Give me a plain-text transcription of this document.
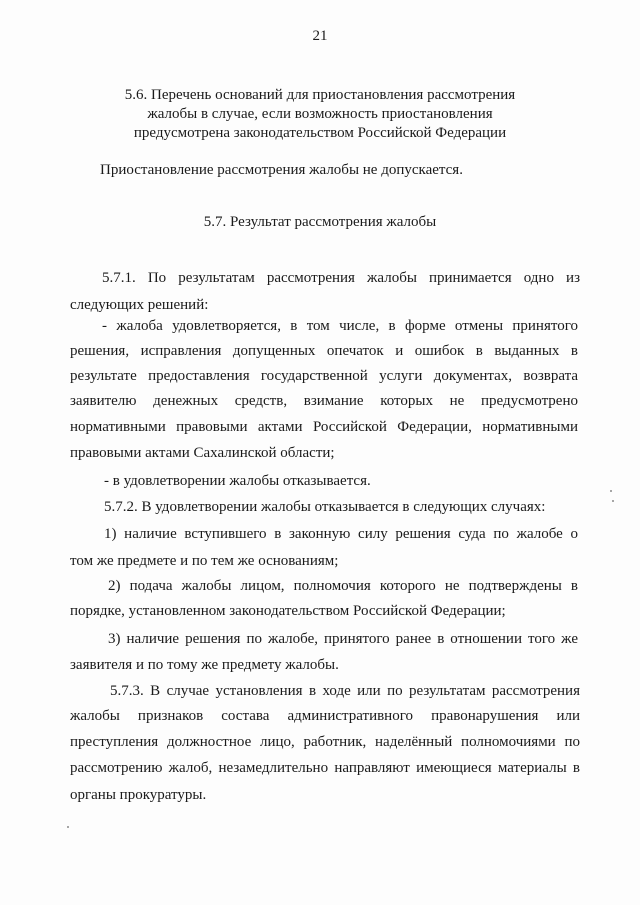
21
5.6. Перечень оснований для приостановления рассмотрения
жалобы в случае, если возможность приостановления
предусмотрена законодательством Российской Федерации
Приостановление рассмотрения жалобы не допускается.
5.7. Результат рассмотрения жалобы
5.7.1. По результатам рассмотрения жалобы принимается одно из
следующих решений:
- жалоба удовлетворяется, в том числе, в форме отмены принятого
решения, исправления допущенных опечаток и ошибок в выданных в
результате предоставления государственной услуги документах, возврата
заявителю денежных средств, взимание которых не предусмотрено
нормативными правовыми актами Российской Федерации, нормативными
правовыми актами Сахалинской области;
- в удовлетворении жалобы отказывается.
5.7.2. В удовлетворении жалобы отказывается в следующих случаях:
1) наличие вступившего в законную силу решения суда по жалобе о
том же предмете и по тем же основаниям;
2) подача жалобы лицом, полномочия которого не подтверждены в
порядке, установленном законодательством Российской Федерации;
3) наличие решения по жалобе, принятого ранее в отношении того же
заявителя и по тому же предмету жалобы.
5.7.3. В случае установления в ходе или по результатам рассмотрения
жалобы признаков состава административного правонарушения или
преступления должностное лицо, работник, наделённый полномочиями по
рассмотрению жалоб, незамедлительно направляют имеющиеся материалы в
органы прокуратуры.
